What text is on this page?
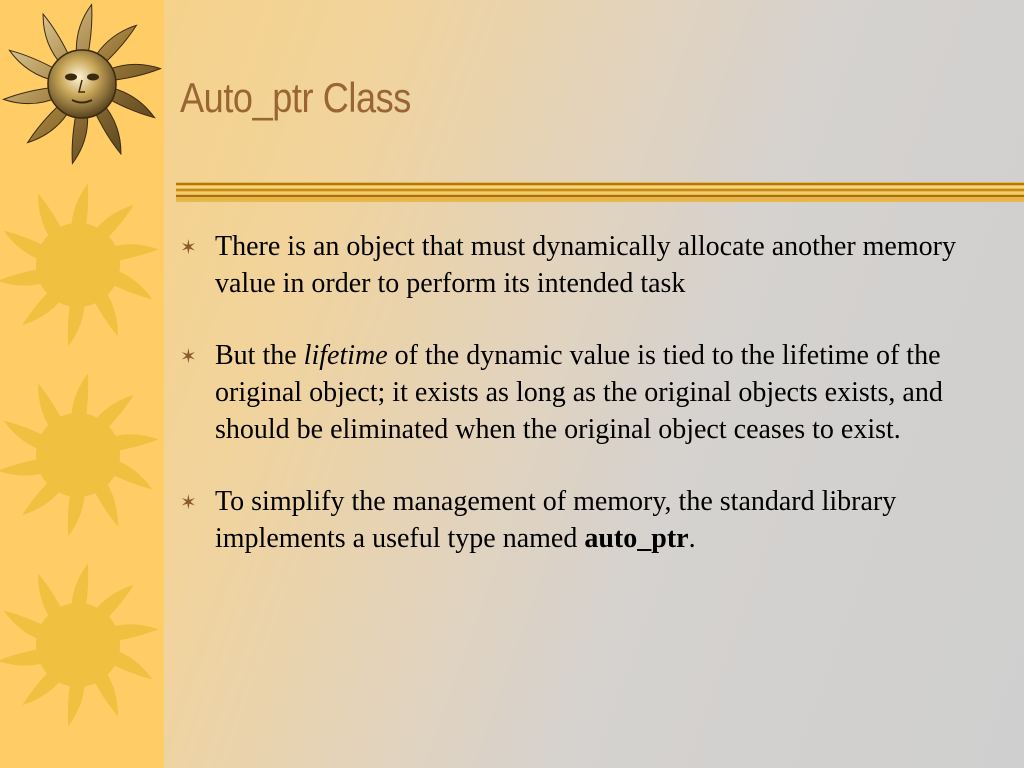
Auto_ptr Class
✶ There is an object that must dynamically allocate another memory value in order to perform its intended task
✶ But the lifetime of the dynamic value is tied to the lifetime of the original object; it exists as long as the original objects exists, and should be eliminated when the original object ceases to exist.
✶ To simplify the management of memory, the standard library implements a useful type named auto_ptr.
